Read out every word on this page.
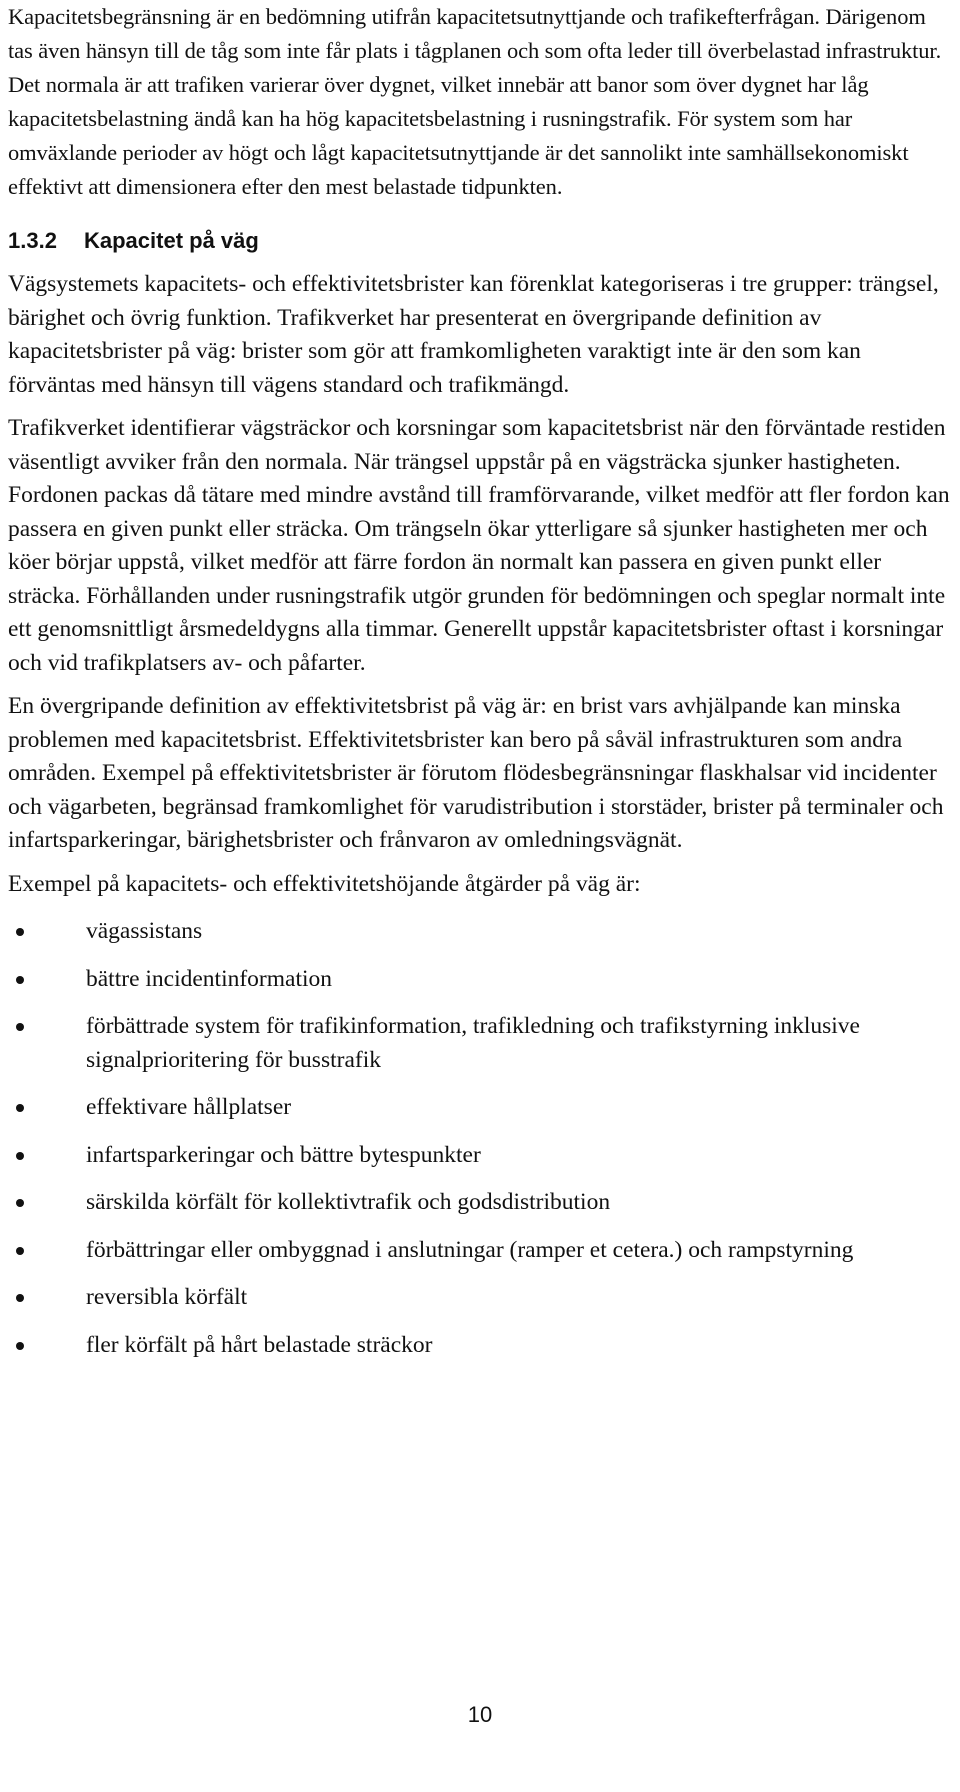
Kapacitetsbegränsning är en bedömning utifrån kapacitetsutnyttjande och trafikefterfrågan. Därigenom tas även hänsyn till de tåg som inte får plats i tågplanen och som ofta leder till överbelastad infrastruktur. Det normala är att trafiken varierar över dygnet, vilket innebär att banor som över dygnet har låg kapacitetsbelastning ändå kan ha hög kapacitetsbelastning i rusningstrafik. För system som har omväxlande perioder av högt och lågt kapacitetsutnyttjande är det sannolikt inte samhällsekonomiskt effektivt att dimensionera efter den mest belastade tidpunkten.

1.3.2 Kapacitet på väg

Vägsystemets kapacitets- och effektivitetsbrister kan förenklat kategoriseras i tre grupper: trängsel, bärighet och övrig funktion. Trafikverket har presenterat en övergripande definition av kapacitetsbrister på väg: brister som gör att framkomligheten varaktigt inte är den som kan förväntas med hänsyn till vägens standard och trafikmängd.

Trafikverket identifierar vägsträckor och korsningar som kapacitetsbrist när den förväntade restiden väsentligt avviker från den normala. När trängsel uppstår på en vägsträcka sjunker hastigheten. Fordonen packas då tätare med mindre avstånd till framförvarande, vilket medför att fler fordon kan passera en given punkt eller sträcka. Om trängseln ökar ytterligare så sjunker hastigheten mer och köer börjar uppstå, vilket medför att färre fordon än normalt kan passera en given punkt eller sträcka. Förhållanden under rusningstrafik utgör grunden för bedömningen och speglar normalt inte ett genomsnittligt årsmedeldygns alla timmar. Generellt uppstår kapacitetsbrister oftast i korsningar och vid trafikplatsers av- och påfarter.

En övergripande definition av effektivitetsbrist på väg är: en brist vars avhjälpande kan minska problemen med kapacitetsbrist. Effektivitetsbrister kan bero på såväl infrastrukturen som andra områden. Exempel på effektivitetsbrister är förutom flödesbegränsningar flaskhalsar vid incidenter och vägarbeten, begränsad framkomlighet för varudistribution i storstäder, brister på terminaler och infartsparkeringar, bärighetsbrister och frånvaron av omledningsvägnät.

Exempel på kapacitets- och effektivitetshöjande åtgärder på väg är:

vägassistans
bättre incidentinformation
förbättrade system för trafikinformation, trafikledning och trafikstyrning inklusive signalprioritering för busstrafik
effektivare hållplatser
infartsparkeringar och bättre bytespunkter
särskilda körfält för kollektivtrafik och godsdistribution
förbättringar eller ombyggnad i anslutningar (ramper et cetera.) och rampstyrning
reversibla körfält
fler körfält på hårt belastade sträckor
10
